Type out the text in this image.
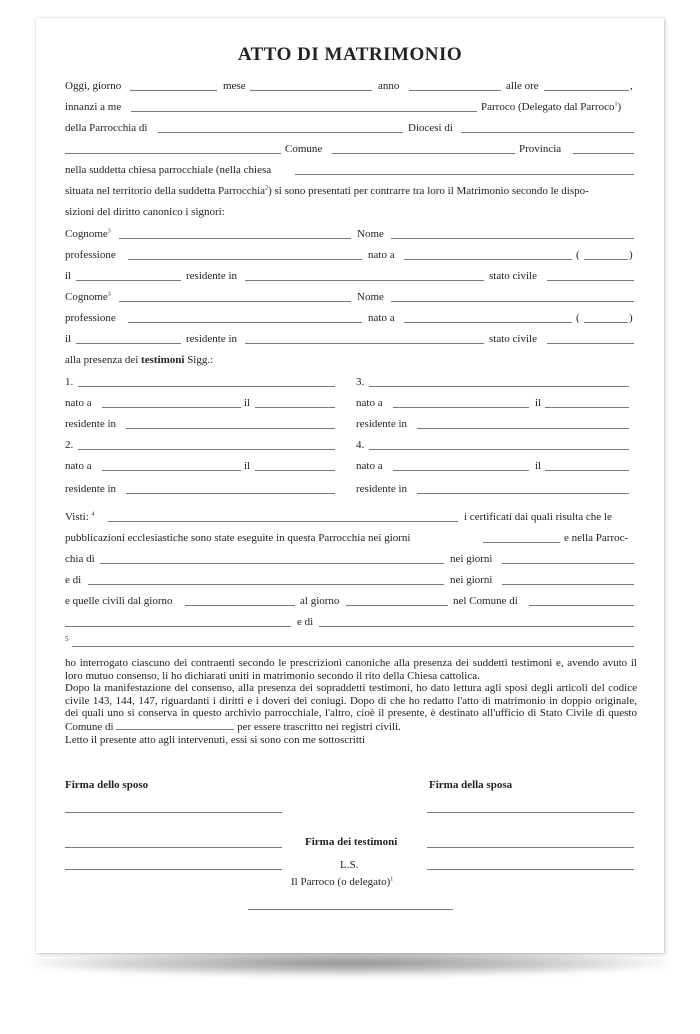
ATTO DI MATRIMONIO
Oggi, giorno	mese	anno	alle ore	,
innanzi a me	Parroco (Delegato dal Parroco$^1$)
della Parrocchia di	Diocesi di
Comune	Provincia
nella suddetta chiesa parrocchiale (nella chiesa
situata nel territorio della suddetta Parrocchia$^2$) si sono presentati per contrarre tra loro il Matrimonio secondo le dispo-
sizioni del diritto canonico i signori:
Cognome$^3$	Nome
professione	nato a	(	)
il	residente in	stato civile
Cognome$^3$	Nome
professione	nato a	(	)
il	residente in	stato civile
alla presenza dei testimoni Sigg.:
1.	3.
nato a	il	nato a	il
residente in	residente in
2.	4.
nato a	il	nato a	il
residente in	residente in
Visti: $^4$	i certificati dai quali risulta che le
pubblicazioni ecclesiastiche sono state eseguite in questa Parrocchia nei giorni	e nella Parroc-
chia di	nei giorni
e di	nei giorni
e quelle civili dal giorno	al giorno	nel Comune di
e di
5

ho interrogato ciascuno dei contraenti secondo le prescrizioni canoniche alla presenza dei suddetti testimoni e, avendo avuto il loro mutuo consenso, li ho dichiarati uniti in matrimonio secondo il rito della Chiesa cattolica.

Dopo la manifestazione del consenso, alla presenza dei sopraddetti testimoni, ho dato lettura agli sposi degli articoli del codice civile 143, 144, 147, riguardanti i diritti e i doveri dei coniugi. Dopo di che ho redatto l'atto di matrimonio in doppio originale, dei quali uno si conserva in questo archivio parrocchiale, l'altro, cioè il presente, è destinato all'ufficio di Stato Civile di questo Comune di	per essere trascritto nei registri civili.

Letto il presente atto agli intervenuti, essi si sono con me sottoscritti

Firma dello sposo	Firma della sposa
Firma dei testimoni
L.S.
Il Parroco (o delegato)$^1$
